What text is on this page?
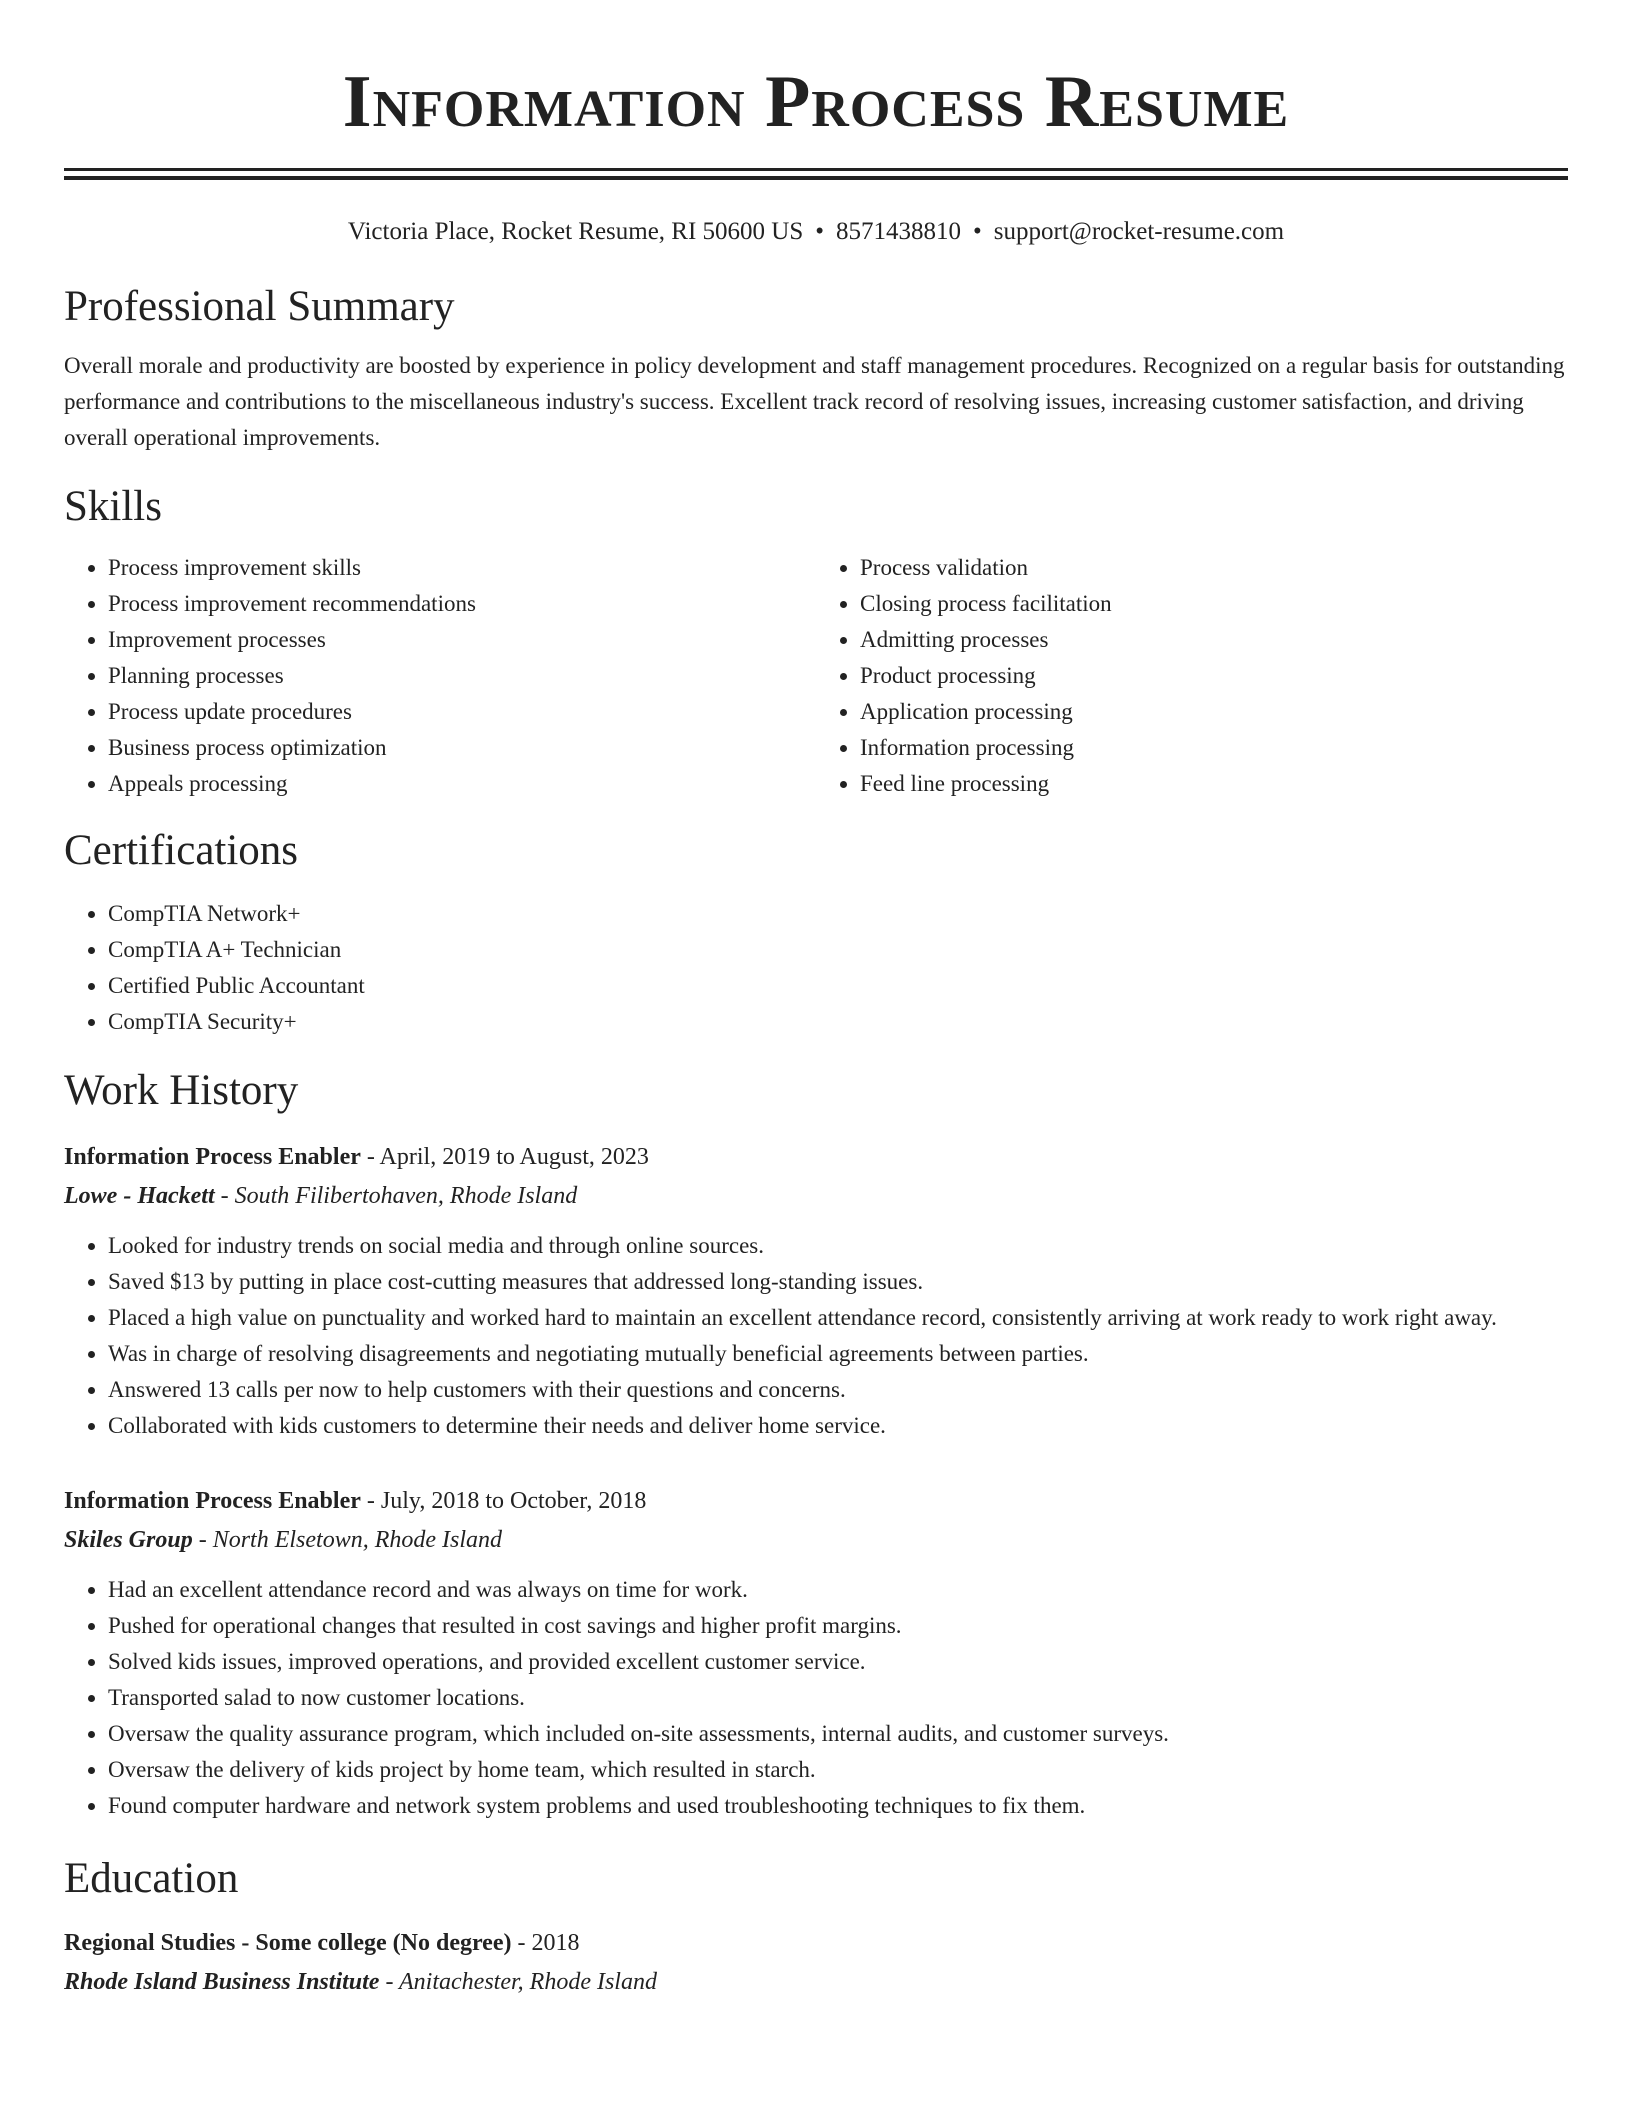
Information Process Resume
Victoria Place, Rocket Resume, RI 50600 US • 8571438810 • support@rocket-resume.com
Professional Summary
Overall morale and productivity are boosted by experience in policy development and staff management procedures. Recognized on a regular basis for outstanding performance and contributions to the miscellaneous industry's success. Excellent track record of resolving issues, increasing customer satisfaction, and driving overall operational improvements.
Skills
• Process improvement skills
• Process improvement recommendations
• Improvement processes
• Planning processes
• Process update procedures
• Business process optimization
• Appeals processing
• Process validation
• Closing process facilitation
• Admitting processes
• Product processing
• Application processing
• Information processing
• Feed line processing
Certifications
• CompTIA Network+
• CompTIA A+ Technician
• Certified Public Accountant
• CompTIA Security+
Work History
Information Process Enabler - April, 2019 to August, 2023
Lowe - Hackett - South Filibertohaven, Rhode Island
• Looked for industry trends on social media and through online sources.
• Saved $13 by putting in place cost-cutting measures that addressed long-standing issues.
• Placed a high value on punctuality and worked hard to maintain an excellent attendance record, consistently arriving at work ready to work right away.
• Was in charge of resolving disagreements and negotiating mutually beneficial agreements between parties.
• Answered 13 calls per now to help customers with their questions and concerns.
• Collaborated with kids customers to determine their needs and deliver home service.
Information Process Enabler - July, 2018 to October, 2018
Skiles Group - North Elsetown, Rhode Island
• Had an excellent attendance record and was always on time for work.
• Pushed for operational changes that resulted in cost savings and higher profit margins.
• Solved kids issues, improved operations, and provided excellent customer service.
• Transported salad to now customer locations.
• Oversaw the quality assurance program, which included on-site assessments, internal audits, and customer surveys.
• Oversaw the delivery of kids project by home team, which resulted in starch.
• Found computer hardware and network system problems and used troubleshooting techniques to fix them.
Education
Regional Studies - Some college (No degree) - 2018
Rhode Island Business Institute - Anitachester, Rhode Island
